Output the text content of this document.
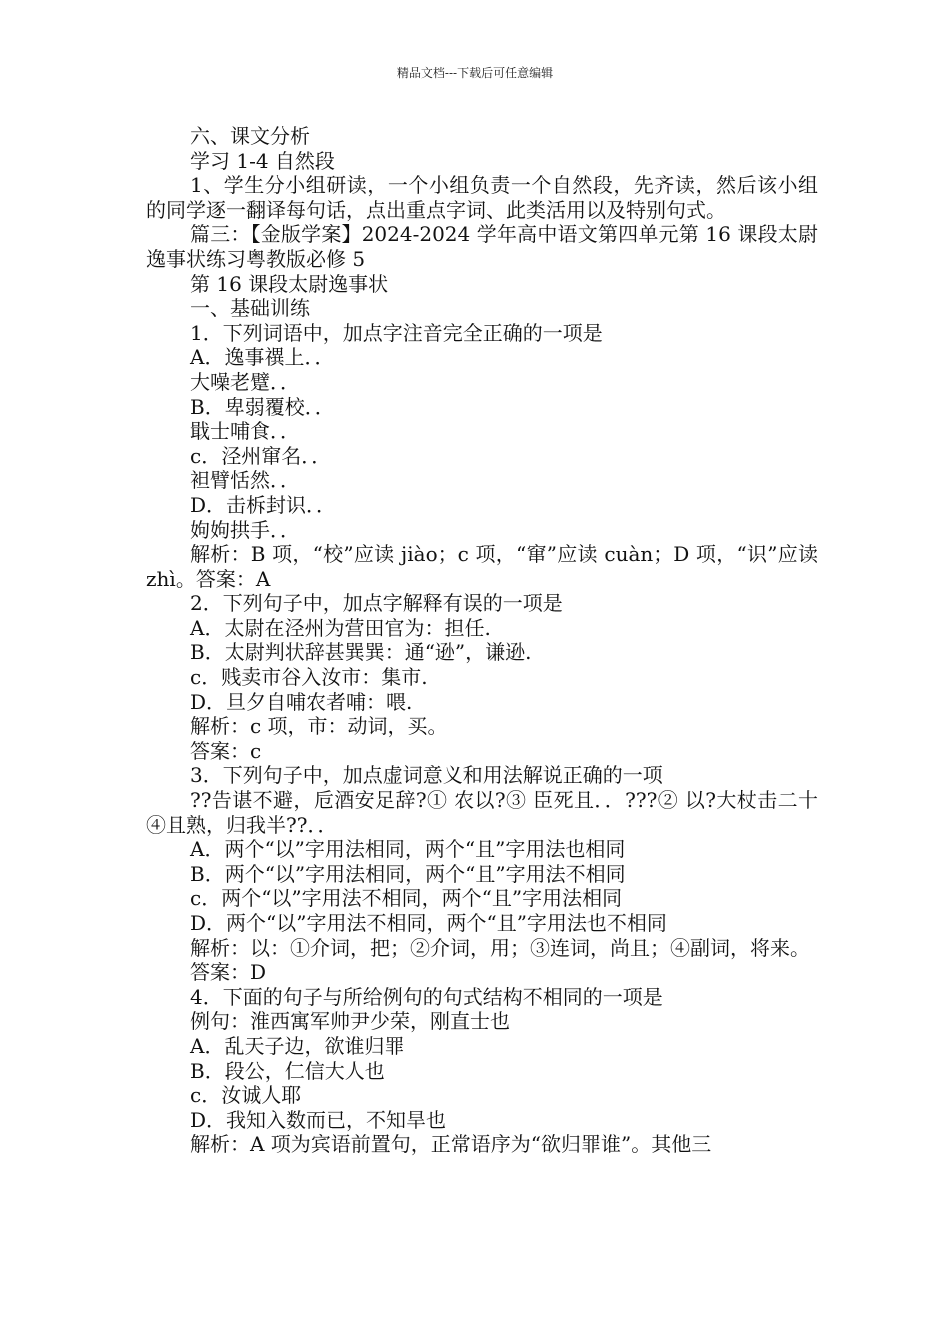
精品文档---下载后可任意编辑

六、课文分析

学习 1-4 自然段

1、学生分小组研读，一个小组负责一个自然段，先齐读，然后该小组的同学逐一翻译每句话，点出重点字词、此类活用以及特别句式。

篇三：【金版学案】2024-2024 学年高中语文第四单元第 16 课段太尉逸事状练习粤教版必修 5

第 16 课段太尉逸事状

一、基础训练

1．下列词语中，加点字注音完全正确的一项是

A．逸事禩上．．

大噪老躄．．

B．卑弱覆校．．

戢士哺食．．

c．泾州窜名．．

袒臂恬然．．

D．击柝封识．．

姁姁拱手．．

解析：B 项，“校”应读 jiào；c 项，“窜”应读 cuàn；D 项，“识”应读 zhì。答案：A

2．下列句子中，加点字解释有误的一项是

A．太尉在泾州为营田官为：担任.

B．太尉判状辞甚巽巽：通“逊”，谦逊.

c．贱卖市谷入汝市：集市.

D．旦夕自哺农者哺：喂.

解析：c 项，市：动词，买。

答案：c

3．下列句子中，加点虚词意义和用法解说正确的一项

??告谌不避，卮酒安足辞?① 农以?③ 臣死且．．???② 以?大杖击二十④且熟，归我半??．．

A．两个“以”字用法相同，两个“且”字用法也相同

B．两个“以”字用法相同，两个“且”字用法不相同

c．两个“以”字用法不相同，两个“且”字用法相同

D．两个“以”字用法不相同，两个“且”字用法也不相同

解析：以：①介词，把；②介词，用；③连词，尚且；④副词，将来。

答案：D

4．下面的句子与所给例句的句式结构不相同的一项是

例句：淮西寓军帅尹少荣，刚直士也

A．乱天子边，欲谁归罪

B．段公，仁信大人也

c．汝诚人耶

D．我知入数而已，不知旱也

解析：A 项为宾语前置句，正常语序为“欲归罪谁”。其他三
